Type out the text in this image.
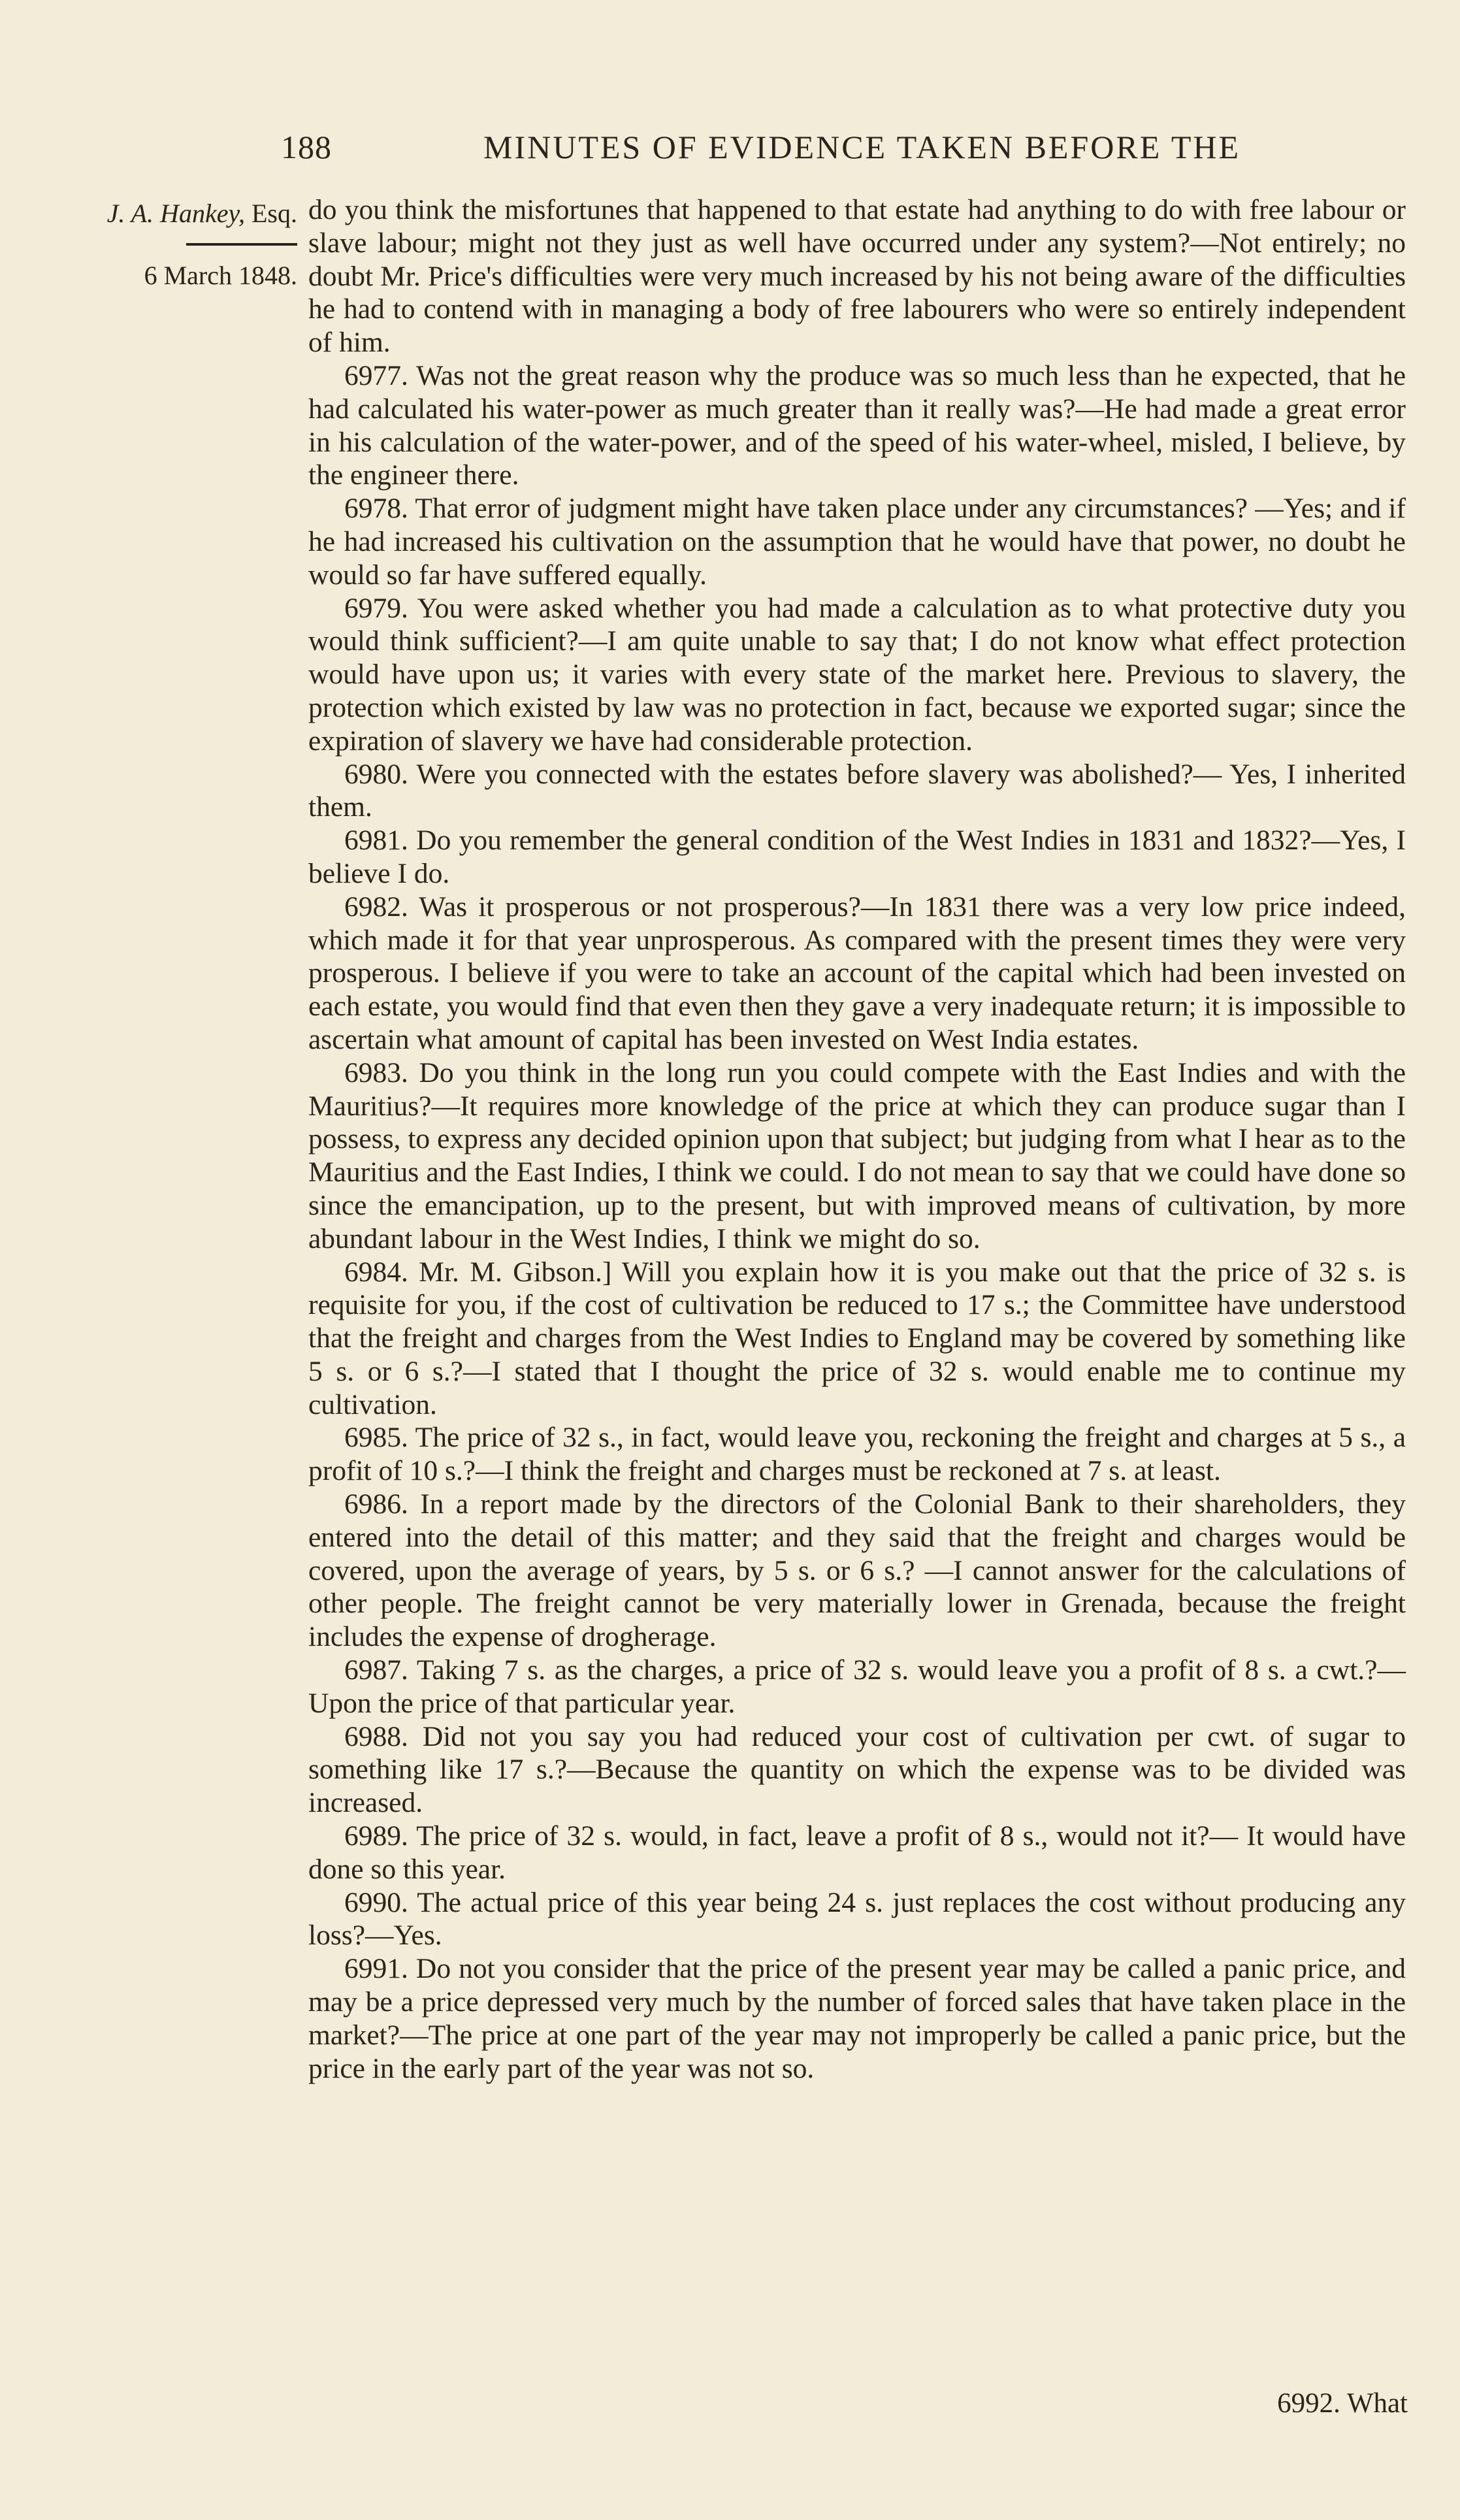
188	MINUTES OF EVIDENCE TAKEN BEFORE THE
J. A. Hankey, Esq.
6 March 1848.

do you think the misfortunes that happened to that estate had anything to do with free labour or slave labour; might not they just as well have occurred under any system?—Not entirely; no doubt Mr. Price's difficulties were very much increased by his not being aware of the difficulties he had to contend with in managing a body of free labourers who were so entirely independent of him.

6977. Was not the great reason why the produce was so much less than he expected, that he had calculated his water-power as much greater than it really was?—He had made a great error in his calculation of the water-power, and of the speed of his water-wheel, misled, I believe, by the engineer there.

6978. That error of judgment might have taken place under any circumstances? —Yes; and if he had increased his cultivation on the assumption that he would have that power, no doubt he would so far have suffered equally.

6979. You were asked whether you had made a calculation as to what protective duty you would think sufficient?—I am quite unable to say that; I do not know what effect protection would have upon us; it varies with every state of the market here. Previous to slavery, the protection which existed by law was no protection in fact, because we exported sugar; since the expiration of slavery we have had considerable protection.

6980. Were you connected with the estates before slavery was abolished?— Yes, I inherited them.

6981. Do you remember the general condition of the West Indies in 1831 and 1832?—Yes, I believe I do.

6982. Was it prosperous or not prosperous?—In 1831 there was a very low price indeed, which made it for that year unprosperous. As compared with the present times they were very prosperous. I believe if you were to take an account of the capital which had been invested on each estate, you would find that even then they gave a very inadequate return; it is impossible to ascertain what amount of capital has been invested on West India estates.

6983. Do you think in the long run you could compete with the East Indies and with the Mauritius?—It requires more knowledge of the price at which they can produce sugar than I possess, to express any decided opinion upon that subject; but judging from what I hear as to the Mauritius and the East Indies, I think we could. I do not mean to say that we could have done so since the emancipation, up to the present, but with improved means of cultivation, by more abundant labour in the West Indies, I think we might do so.

6984. Mr. M. Gibson.] Will you explain how it is you make out that the price of 32 s. is requisite for you, if the cost of cultivation be reduced to 17 s.; the Committee have understood that the freight and charges from the West Indies to England may be covered by something like 5 s. or 6 s.?—I stated that I thought the price of 32 s. would enable me to continue my cultivation.

6985. The price of 32 s., in fact, would leave you, reckoning the freight and charges at 5 s., a profit of 10 s.?—I think the freight and charges must be reckoned at 7 s. at least.

6986. In a report made by the directors of the Colonial Bank to their shareholders, they entered into the detail of this matter; and they said that the freight and charges would be covered, upon the average of years, by 5 s. or 6 s.? —I cannot answer for the calculations of other people. The freight cannot be very materially lower in Grenada, because the freight includes the expense of drogherage.

6987. Taking 7 s. as the charges, a price of 32 s. would leave you a profit of 8 s. a cwt.?—Upon the price of that particular year.

6988. Did not you say you had reduced your cost of cultivation per cwt. of sugar to something like 17 s.?—Because the quantity on which the expense was to be divided was increased.

6989. The price of 32 s. would, in fact, leave a profit of 8 s., would not it?— It would have done so this year.

6990. The actual price of this year being 24 s. just replaces the cost without producing any loss?—Yes.

6991. Do not you consider that the price of the present year may be called a panic price, and may be a price depressed very much by the number of forced sales that have taken place in the market?—The price at one part of the year may not improperly be called a panic price, but the price in the early part of the year was not so.

6992. What
